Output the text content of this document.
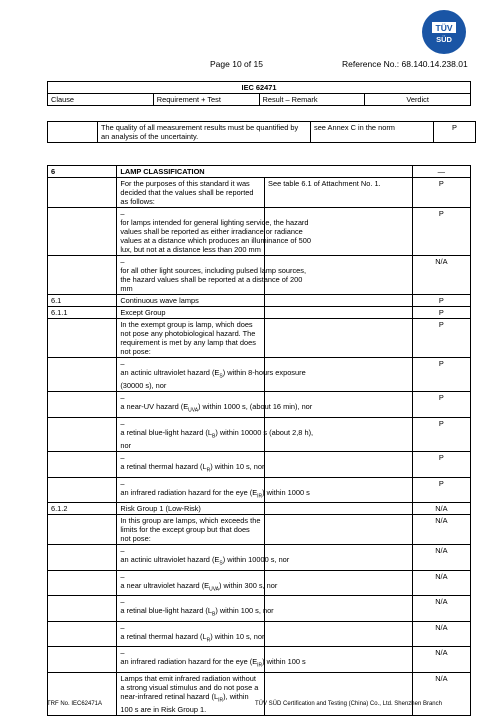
TÜV
SÜD
Page 10 of 15	Reference No.: 68.140.14.238.01
IEC 62471
Clause	Requirement + Test	Result – Remark	Verdict
	The quality of all measurement results must be quantified by an analysis of the uncertainty.	see Annex C in the norm	P
6	LAMP CLASSIFICATION		—
	For the purposes of this standard it was decided that the values shall be reported as follows:	See table 6.1 of Attachment No. 1.	P
	–for lamps intended for general lighting service, the hazard values shall be reported as either irradiance or radiance values at a distance which produces an illuminance of 500 lux, but not at a distance less than 200 mm		P
	–for all other light sources, including pulsed lamp sources, the hazard values shall be reported at a distance of 200 mm		N/A
6.1	Continuous wave lamps		P
6.1.1	Except Group		P
	In the exempt group is lamp, which does not pose any photobiological hazard. The requirement is met by any lamp that does not pose:		P
	–an actinic ultraviolet hazard $(E_S)$ within 8-hours exposure (30000 s), nor		P
	–a near-UV hazard $(E_{UVA})$ within 1000 s, (about 16 min), nor		P
	–a retinal blue-light hazard $(L_B)$ within 10000 s (about 2,8 h), nor		P
	–a retinal thermal hazard $(L_R)$ within 10 s, nor		P
	–an infrared radiation hazard for the eye $(E_{IR})$ within 1000 s		P
6.1.2	Risk Group 1 (Low-Risk)		N/A
	In this group are lamps, which exceeds the limits for the except group but that does not pose:		N/A
	–an actinic ultraviolet hazard $(E_S)$ within 10000 s, nor		N/A
	–a near ultraviolet hazard $(E_{UVA})$ within 300 s, nor		N/A
	–a retinal blue-light hazard $(L_B)$ within 100 s, nor		N/A
	–a retinal thermal hazard $(L_R)$ within 10 s, nor		N/A
	–an infrared radiation hazard for the eye $(E_{IR})$ within 100 s		N/A
	Lamps that emit infrared radiation without a strong visual stimulus and do not pose a near-infrared retinal hazard $(L_{IR})$, within 100 s are in Risk Group 1.		N/A
TRF No. IEC62471A	TÜV SÜD Certification and Testing (China) Co., Ltd. Shenzhen Branch
